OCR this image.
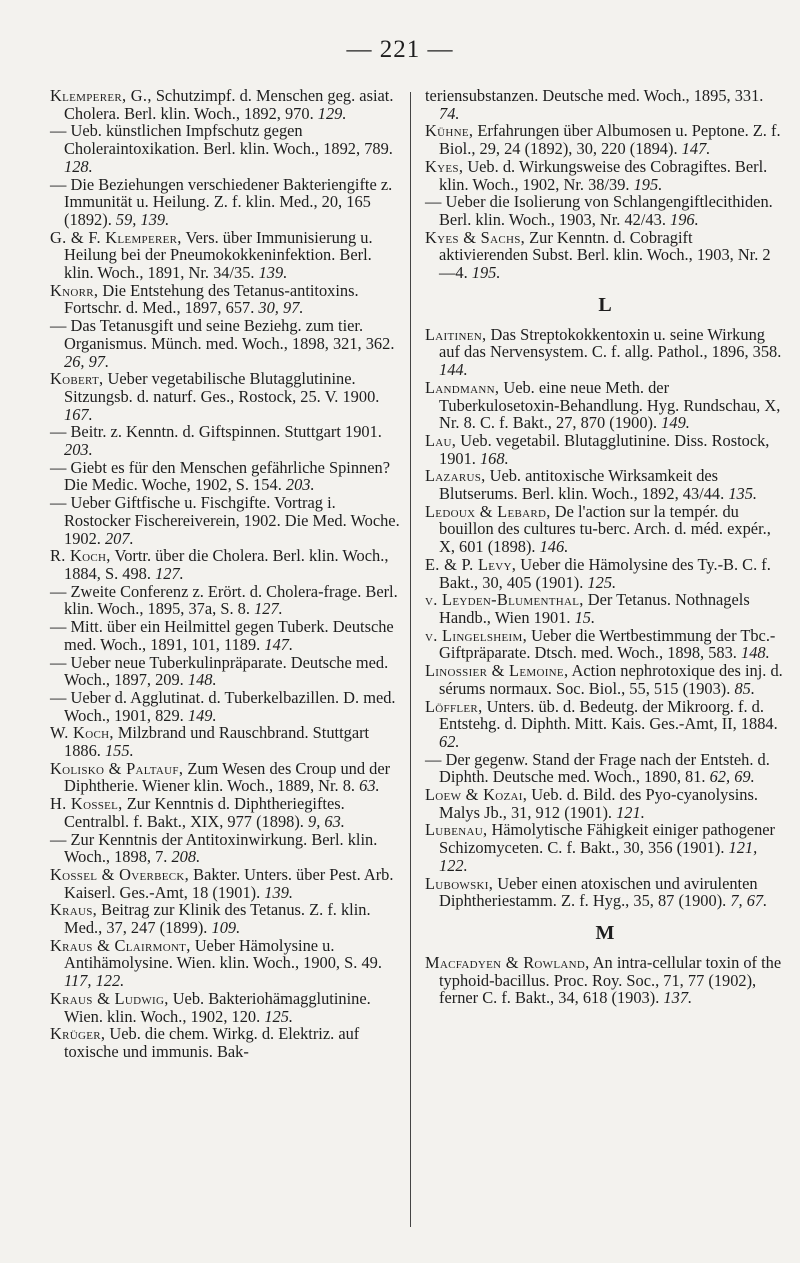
— 221 —

Klemperer, G., Schutzimpf. d. Menschen geg. asiat. Cholera. Berl. klin. Woch., 1892, 970. 129.

— Ueb. künstlichen Impfschutz gegen Choleraintoxikation. Berl. klin. Woch., 1892, 789. 128.

— Die Beziehungen verschiedener Bakteriengifte z. Immunität u. Heilung. Z. f. klin. Med., 20, 165 (1892). 59, 139.

G. & F. Klemperer, Vers. über Immunisierung u. Heilung bei der Pneumokokkeninfektion. Berl. klin. Woch., 1891, Nr. 34/35. 139.

Knorr, Die Entstehung des Tetanus-antitoxins. Fortschr. d. Med., 1897, 657. 30, 97.

— Das Tetanusgift und seine Beziehg. zum tier. Organismus. Münch. med. Woch., 1898, 321, 362. 26, 97.

Kobert, Ueber vegetabilische Blutagglutinine. Sitzungsb. d. naturf. Ges., Rostock, 25. V. 1900. 167.

— Beitr. z. Kenntn. d. Giftspinnen. Stuttgart 1901. 203.

— Giebt es für den Menschen gefährliche Spinnen? Die Medic. Woche, 1902, S. 154. 203.

— Ueber Giftfische u. Fischgifte. Vortrag i. Rostocker Fischereiverein, 1902. Die Med. Woche. 1902. 207.

R. Koch, Vortr. über die Cholera. Berl. klin. Woch., 1884, S. 498. 127.

— Zweite Conferenz z. Erört. d. Cholera-frage. Berl. klin. Woch., 1895, 37a, S. 8. 127.

— Mitt. über ein Heilmittel gegen Tuberk. Deutsche med. Woch., 1891, 101, 1189. 147.

— Ueber neue Tuberkulinpräparate. Deutsche med. Woch., 1897, 209. 148.

— Ueber d. Agglutinat. d. Tuberkelbazillen. D. med. Woch., 1901, 829. 149.

W. Koch, Milzbrand und Rauschbrand. Stuttgart 1886. 155.

Kolisko & Paltauf, Zum Wesen des Croup und der Diphtherie. Wiener klin. Woch., 1889, Nr. 8. 63.

H. Kossel, Zur Kenntnis d. Diphtheriegiftes. Centralbl. f. Bakt., XIX, 977 (1898). 9, 63.

— Zur Kenntnis der Antitoxinwirkung. Berl. klin. Woch., 1898, 7. 208.

Kossel & Overbeck, Bakter. Unters. über Pest. Arb. Kaiserl. Ges.-Amt, 18 (1901). 139.

Kraus, Beitrag zur Klinik des Tetanus. Z. f. klin. Med., 37, 247 (1899). 109.

Kraus & Clairmont, Ueber Hämolysine u. Antihämolysine. Wien. klin. Woch., 1900, S. 49. 117, 122.

Kraus & Ludwig, Ueb. Bakteriohämagglutinine. Wien. klin. Woch., 1902, 120. 125.

Krüger, Ueb. die chem. Wirkg. d. Elektriz. auf toxische und immunis. Bak-

teriensubstanzen. Deutsche med. Woch., 1895, 331. 74.

Kühne, Erfahrungen über Albumosen u. Peptone. Z. f. Biol., 29, 24 (1892), 30, 220 (1894). 147.

Kyes, Ueb. d. Wirkungsweise des Cobragiftes. Berl. klin. Woch., 1902, Nr. 38/39. 195.

— Ueber die Isolierung von Schlangengiftlecithiden. Berl. klin. Woch., 1903, Nr. 42/43. 196.

Kyes & Sachs, Zur Kenntn. d. Cobragift aktivierenden Subst. Berl. klin. Woch., 1903, Nr. 2—4. 195.

L

Laitinen, Das Streptokokkentoxin u. seine Wirkung auf das Nervensystem. C. f. allg. Pathol., 1896, 358. 144.

Landmann, Ueb. eine neue Meth. der Tuberkulosetoxin-Behandlung. Hyg. Rundschau, X, Nr. 8. C. f. Bakt., 27, 870 (1900). 149.

Lau, Ueb. vegetabil. Blutagglutinine. Diss. Rostock, 1901. 168.

Lazarus, Ueb. antitoxische Wirksamkeit des Blutserums. Berl. klin. Woch., 1892, 43/44. 135.

Ledoux & Lebard, De l'action sur la tempér. du bouillon des cultures tu-berc. Arch. d. méd. expér., X, 601 (1898). 146.

E. & P. Levy, Ueber die Hämolysine des Ty.-B. C. f. Bakt., 30, 405 (1901). 125.

v. Leyden-Blumenthal, Der Tetanus. Nothnagels Handb., Wien 1901. 15.

v. Lingelsheim, Ueber die Wertbestimmung der Tbc.-Giftpräparate. Dtsch. med. Woch., 1898, 583. 148.

Linossier & Lemoine, Action nephrotoxique des inj. d. sérums normaux. Soc. Biol., 55, 515 (1903). 85.

Löffler, Unters. üb. d. Bedeutg. der Mikroorg. f. d. Entstehg. d. Diphth. Mitt. Kais. Ges.-Amt, II, 1884. 62.

— Der gegenw. Stand der Frage nach der Entsteh. d. Diphth. Deutsche med. Woch., 1890, 81. 62, 69.

Loew & Kozai, Ueb. d. Bild. des Pyo-cyanolysins. Malys Jb., 31, 912 (1901). 121.

Lubenau, Hämolytische Fähigkeit einiger pathogener Schizomyceten. C. f. Bakt., 30, 356 (1901). 121, 122.

Lubowski, Ueber einen atoxischen und avirulenten Diphtheriestamm. Z. f. Hyg., 35, 87 (1900). 7, 67.

M

Macfadyen & Rowland, An intra-cellular toxin of the typhoid-bacillus. Proc. Roy. Soc., 71, 77 (1902), ferner C. f. Bakt., 34, 618 (1903). 137.
